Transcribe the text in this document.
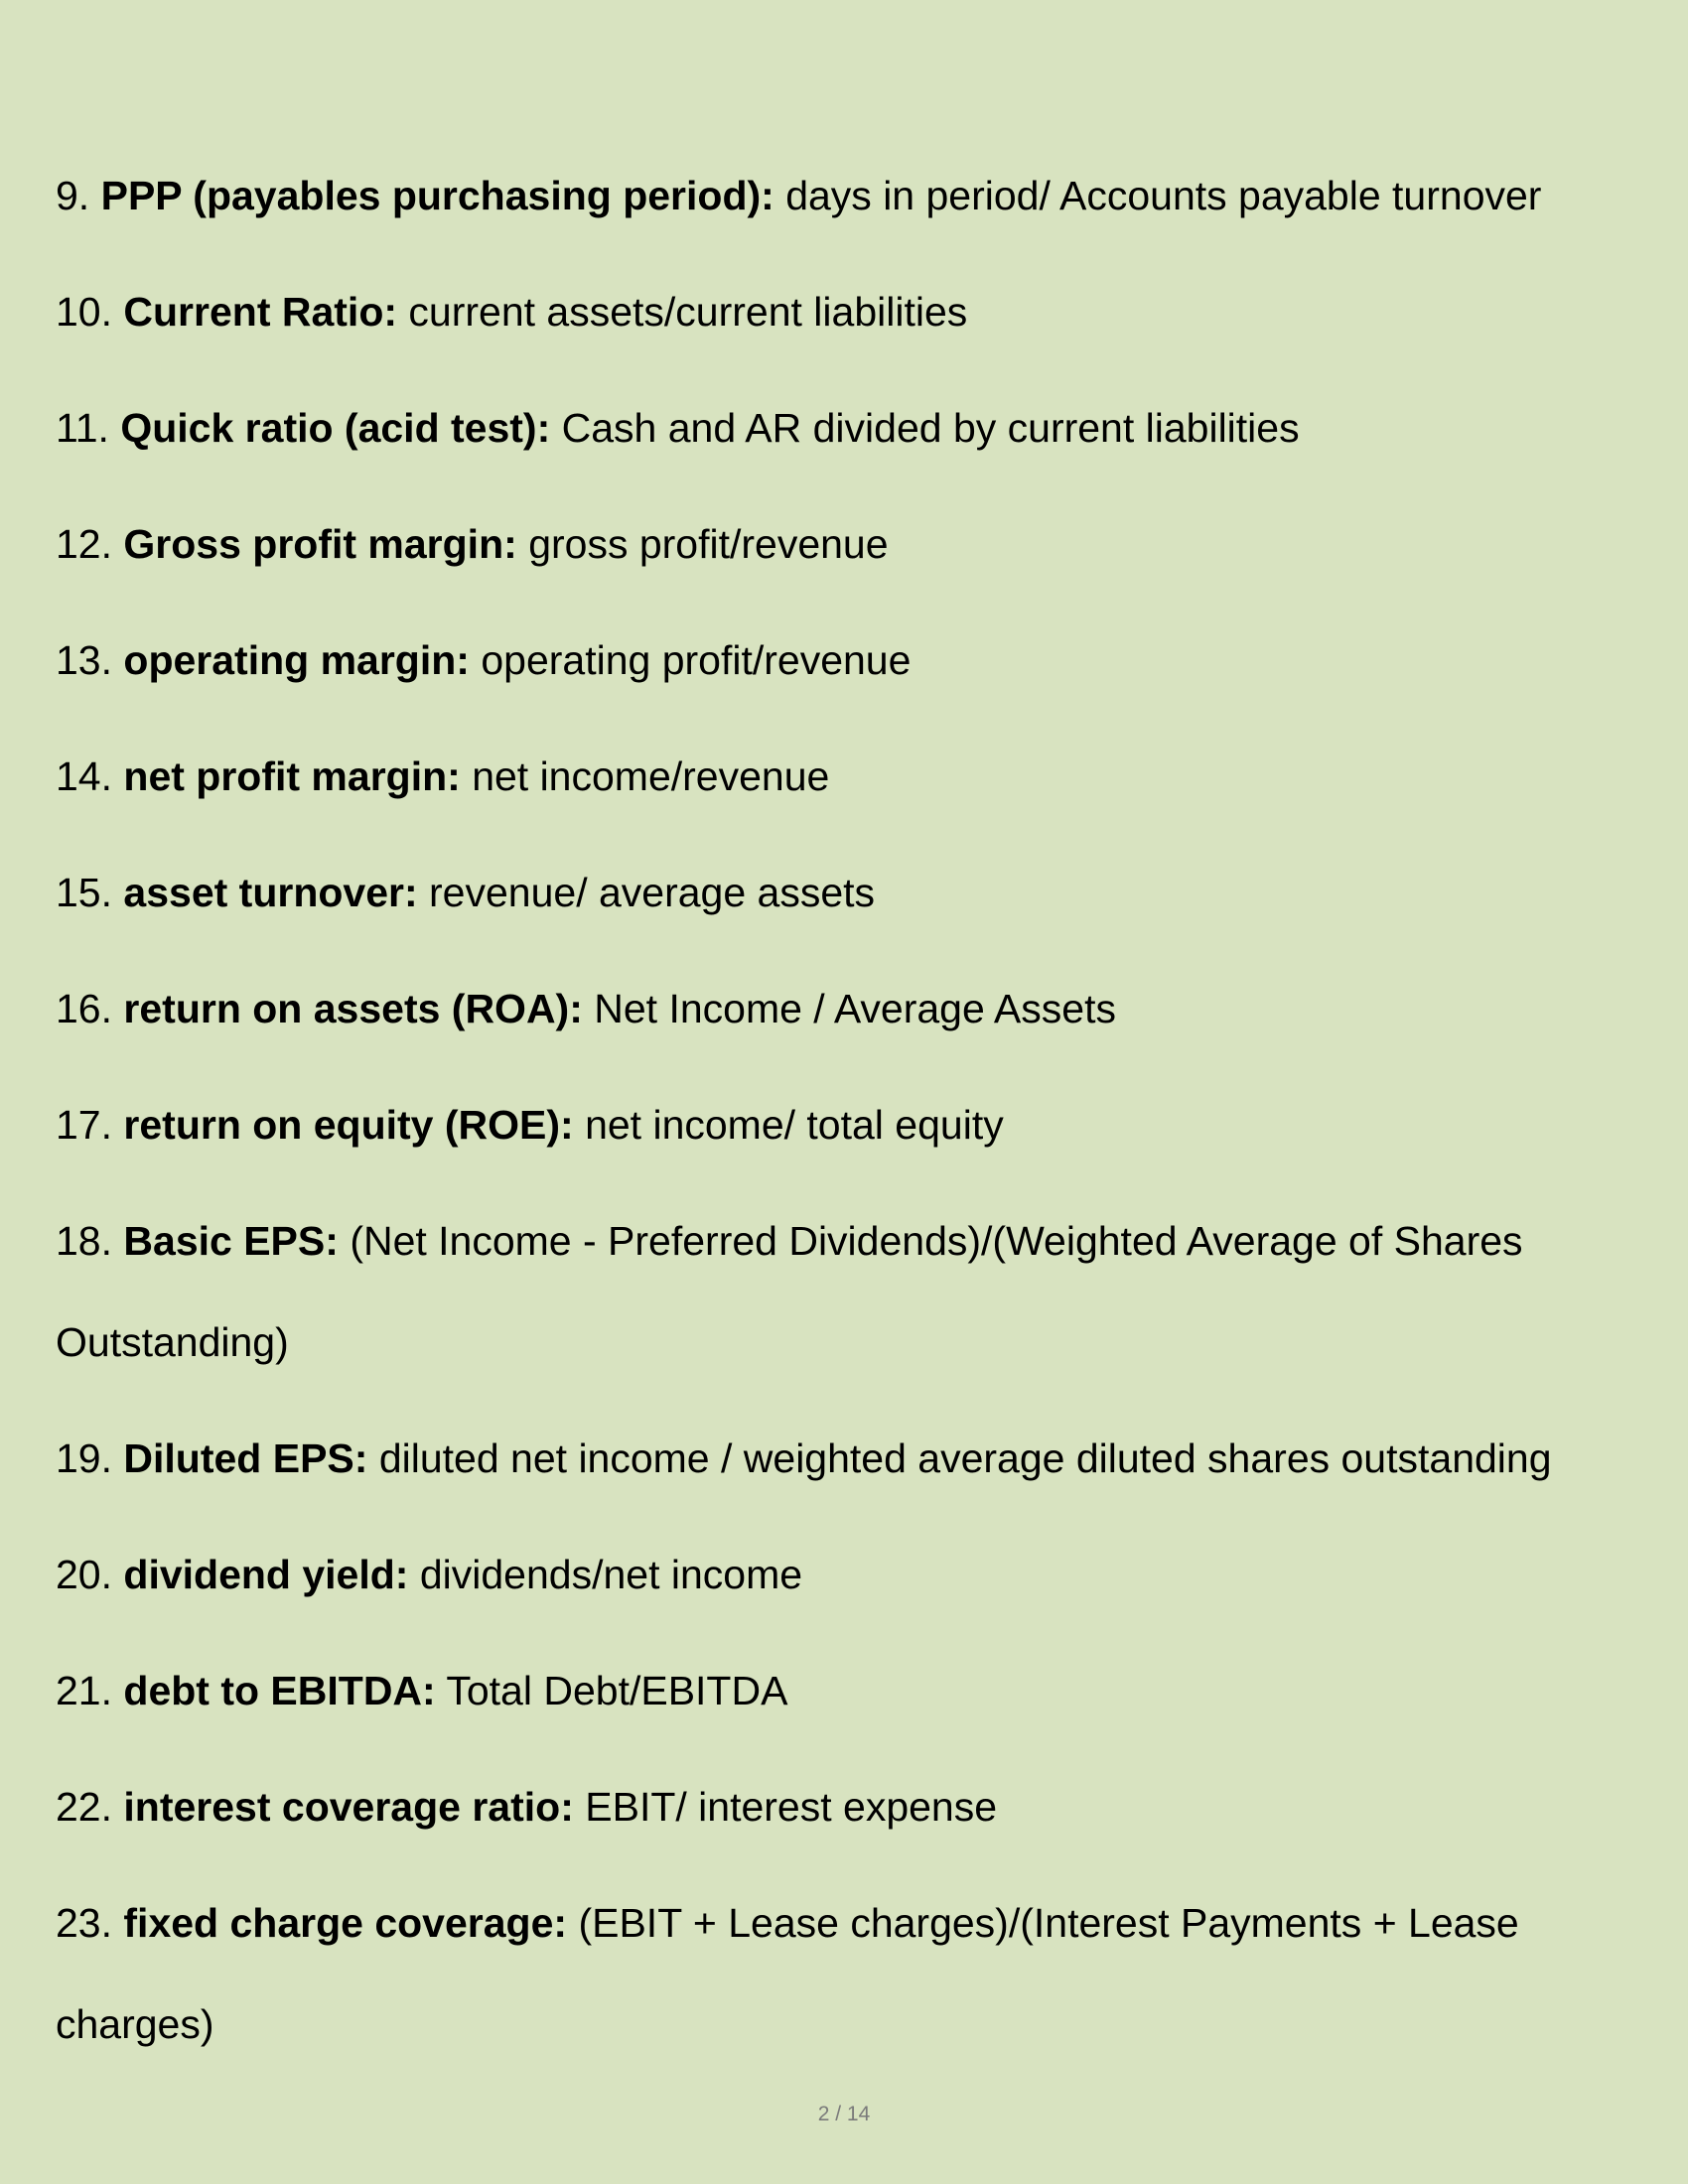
9. PPP (payables purchasing period): days in period/ Accounts payable turnover
10. Current Ratio: current assets/current liabilities
11. Quick ratio (acid test): Cash and AR divided by current liabilities
12. Gross profit margin: gross profit/revenue
13. operating margin: operating profit/revenue
14. net profit margin: net income/revenue
15. asset turnover: revenue/ average assets
16. return on assets (ROA): Net Income / Average Assets
17. return on equity (ROE): net income/ total equity
18. Basic EPS: (Net Income - Preferred Dividends)/(Weighted Average of Shares Outstanding)
19. Diluted EPS: diluted net income / weighted average diluted shares outstanding
20. dividend yield: dividends/net income
21. debt to EBITDA: Total Debt/EBITDA
22. interest coverage ratio: EBIT/ interest expense
23. fixed charge coverage: (EBIT + Lease charges)/(Interest Payments + Lease charges)
2 / 14
